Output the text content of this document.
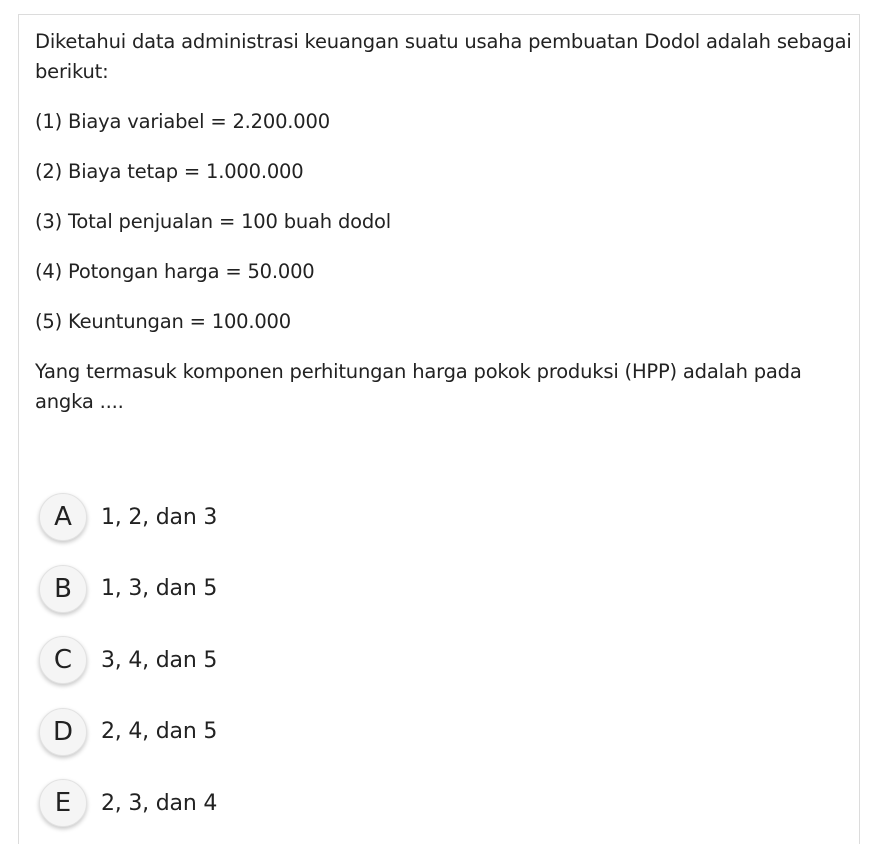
Diketahui data administrasi keuangan suatu usaha pembuatan Dodol adalah sebagai berikut:

(1) Biaya variabel = 2.200.000

(2) Biaya tetap = 1.000.000

(3) Total penjualan = 100 buah dodol

(4) Potongan harga = 50.000

(5) Keuntungan = 100.000

Yang termasuk komponen perhitungan harga pokok produksi (HPP) adalah pada angka ....

A	1, 2, dan 3
B	1, 3, dan 5
C	3, 4, dan 5
D	2, 4, dan 5
E	2, 3, dan 4
